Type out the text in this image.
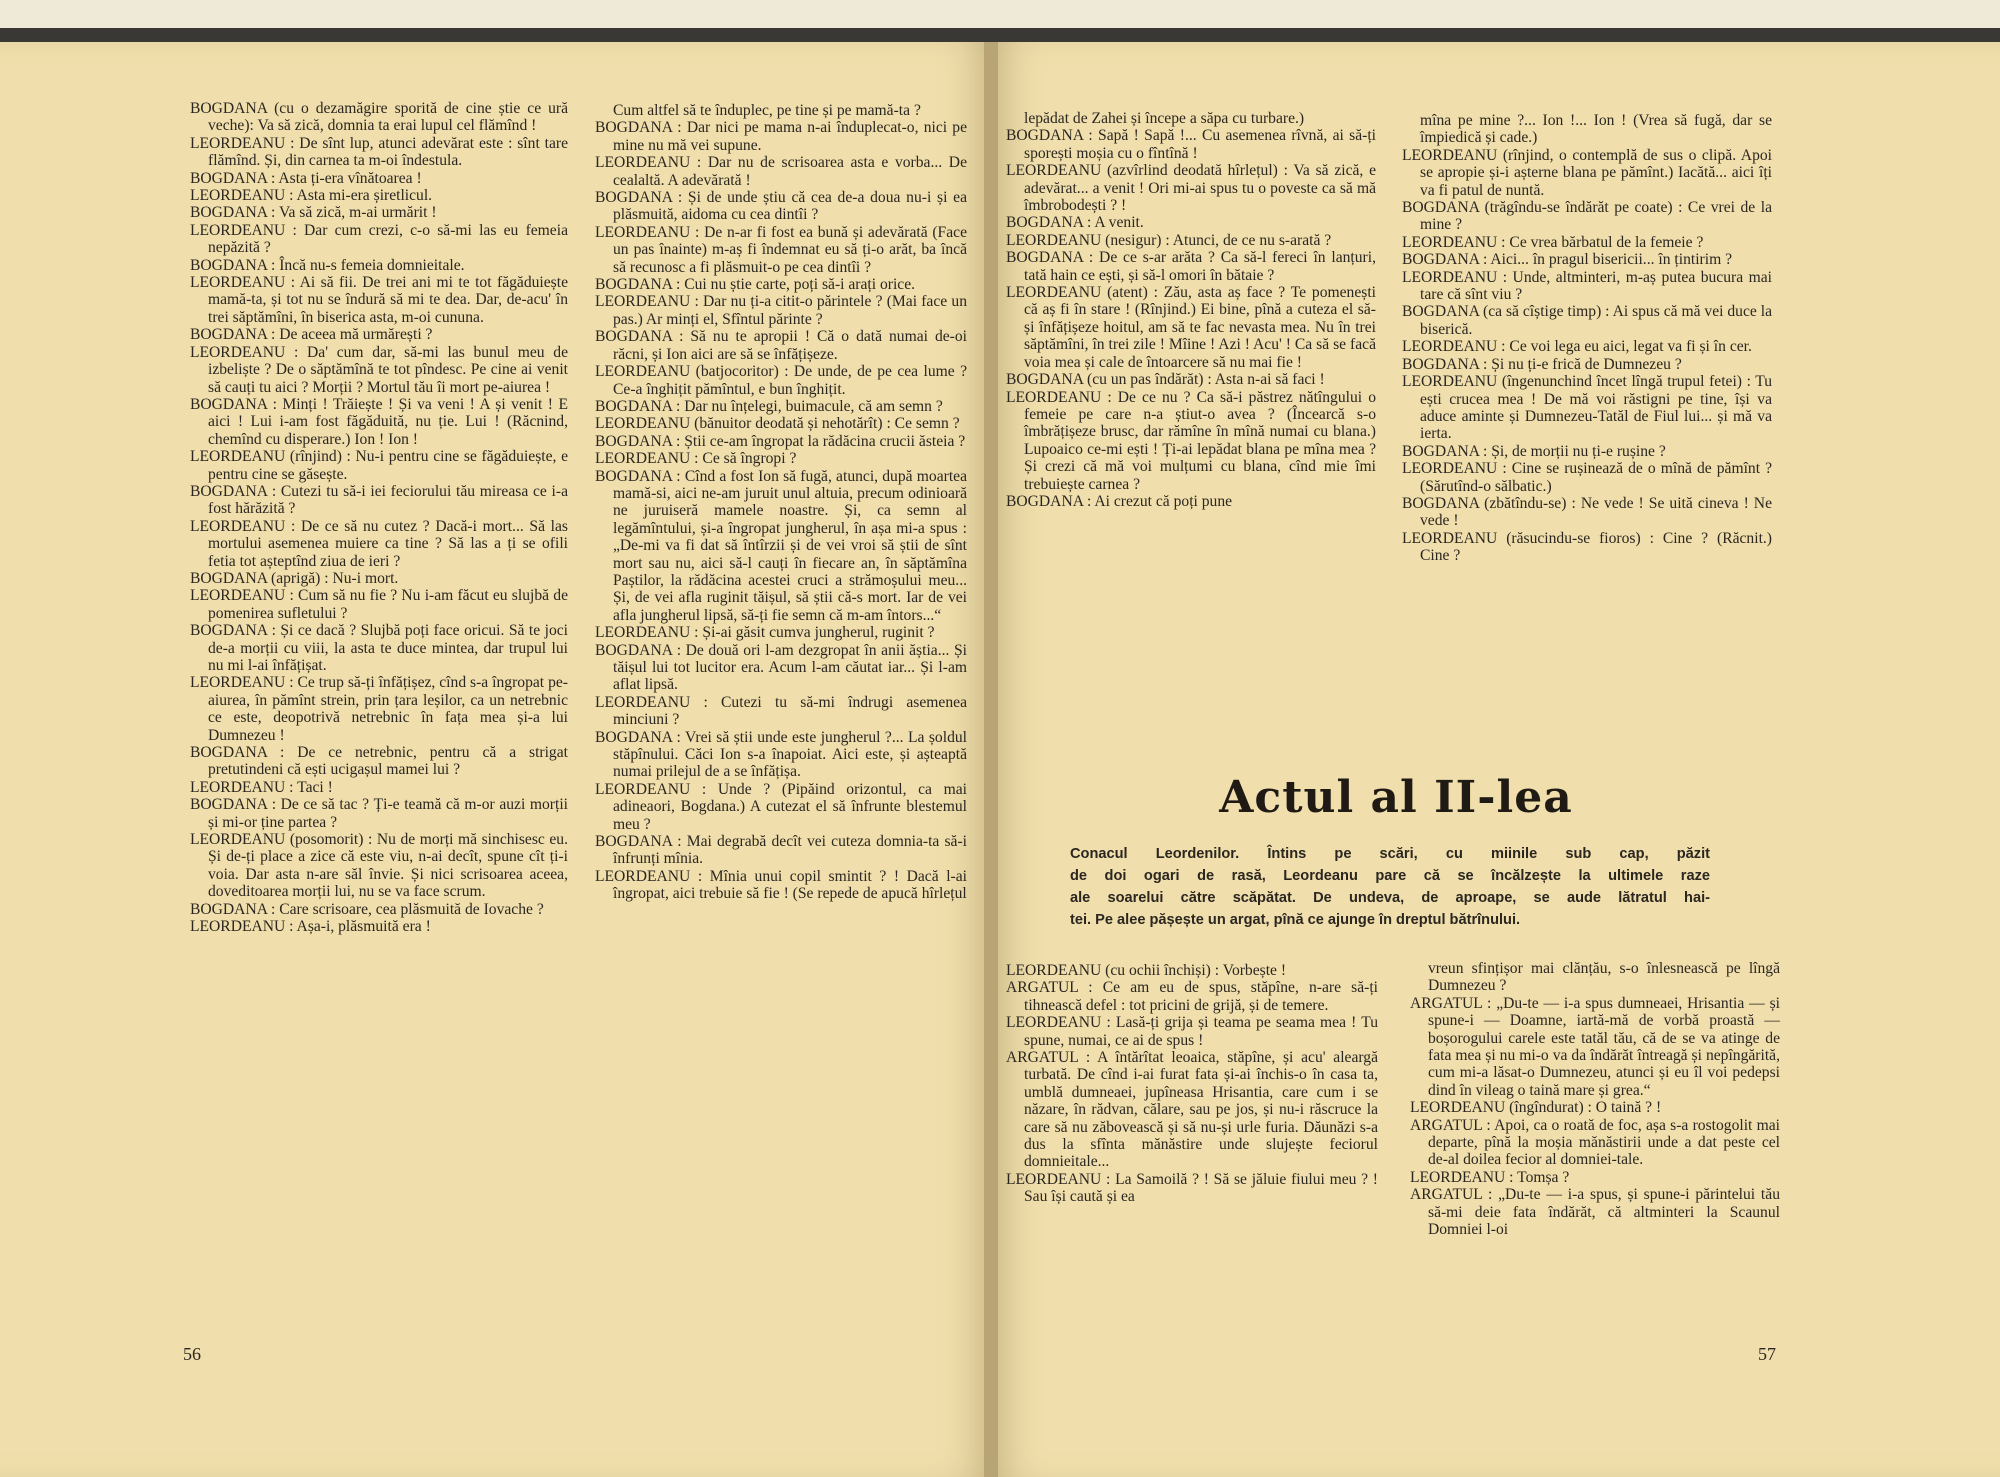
BOGDANA (cu o dezamăgire sporită de cine știe ce ură veche): Va să zică, domnia ta erai lupul cel flămînd !

LEORDEANU : De sînt lup, atunci adevărat este : sînt tare flămînd. Și, din carnea ta m-oi îndestula.

BOGDANA : Asta ți-era vînătoarea !

LEORDEANU : Asta mi-era șiretlicul.

BOGDANA : Va să zică, m-ai urmărit !

LEORDEANU : Dar cum crezi, c-o să-mi las eu femeia nepăzită ?

BOGDANA : Încă nu-s femeia domnieitale.

LEORDEANU : Ai să fii. De trei ani mi te tot făgăduiește mamă-ta, și tot nu se îndură să mi te dea. Dar, de-acu' în trei săptămîni, în biserica asta, m-oi cununa.

BOGDANA : De aceea mă urmărești ?

LEORDEANU : Da' cum dar, să-mi las bunul meu de izbeliște ? De o săptămînă te tot pîndesc. Pe cine ai venit să cauți tu aici ? Morții ? Mortul tău îi mort pe-aiurea !

BOGDANA : Minți ! Trăiește ! Și va veni ! A și venit ! E aici ! Lui i-am fost făgăduită, nu ție. Lui ! (Răcnind, chemînd cu disperare.) Ion ! Ion !

LEORDEANU (rînjind) : Nu-i pentru cine se făgăduiește, e pentru cine se găsește.

BOGDANA : Cutezi tu să-i iei feciorului tău mireasa ce i-a fost hărăzită ?

LEORDEANU : De ce să nu cutez ? Dacă-i mort... Să las mortului asemenea muiere ca tine ? Să las a ți se ofili fetia tot așteptînd ziua de ieri ?

BOGDANA (aprigă) : Nu-i mort.

LEORDEANU : Cum să nu fie ? Nu i-am făcut eu slujbă de pomenirea sufletului ?

BOGDANA : Și ce dacă ? Slujbă poți face oricui. Să te joci de-a morții cu viii, la asta te duce mintea, dar trupul lui nu mi l-ai înfățișat.

LEORDEANU : Ce trup să-ți înfățișez, cînd s-a îngropat pe-aiurea, în pămînt strein, prin țara leșilor, ca un netrebnic ce este, deopotrivă netrebnic în fața mea și-a lui Dumnezeu !

BOGDANA : De ce netrebnic, pentru că a strigat pretutindeni că ești ucigașul mamei lui ?

LEORDEANU : Taci !

BOGDANA : De ce să tac ? Ți-e teamă că m-or auzi morții și mi-or ține partea ?

LEORDEANU (posomorit) : Nu de morți mă sinchisesc eu. Și de-ți place a zice că este viu, n-ai decît, spune cît ți-i voia. Dar asta n-are săl învie. Și nici scrisoarea aceea, doveditoarea morții lui, nu se va face scrum.

BOGDANA : Care scrisoare, cea plăsmuită de Iovache ?

LEORDEANU : Așa-i, plăsmuită era !

Cum altfel să te înduplec, pe tine și pe mamă-ta ?

BOGDANA : Dar nici pe mama n-ai înduplecat-o, nici pe mine nu mă vei supune.

LEORDEANU : Dar nu de scrisoarea asta e vorba... De cealaltă. A adevărată !

BOGDANA : Și de unde știu că cea de-a doua nu-i și ea plăsmuită, aidoma cu cea dintîi ?

LEORDEANU : De n-ar fi fost ea bună și adevărată (Face un pas înainte) m-aș fi îndemnat eu să ți-o arăt, ba încă să recunosc a fi plăsmuit-o pe cea dintîi ?

BOGDANA : Cui nu știe carte, poți să-i arați orice.

LEORDEANU : Dar nu ți-a citit-o părintele ? (Mai face un pas.) Ar minți el, Sfîntul părinte ?

BOGDANA : Să nu te apropii ! Că o dată numai de-oi răcni, și Ion aici are să se înfățișeze.

LEORDEANU (batjocoritor) : De unde, de pe cea lume ? Ce-a înghițit pămîntul, e bun înghițit.

BOGDANA : Dar nu înțelegi, buimacule, că am semn ?

LEORDEANU (bănuitor deodată și nehotărît) : Ce semn ?

BOGDANA : Știi ce-am îngropat la rădăcina crucii ăsteia ?

LEORDEANU : Ce să îngropi ?

BOGDANA : Cînd a fost Ion să fugă, atunci, după moartea mamă-si, aici ne-am juruit unul altuia, precum odinioară ne juruiseră mamele noastre. Și, ca semn al legămîntului, și-a îngropat jungherul, în așa mi-a spus : „De-mi va fi dat să întîrzii și de vei vroi să știi de sînt mort sau nu, aici să-l cauți în fiecare an, în săptămîna Paștilor, la rădăcina acestei cruci a strămoșului meu... Și, de vei afla ruginit tăișul, să știi că-s mort. Iar de vei afla jungherul lipsă, să-ți fie semn că m-am întors...“

LEORDEANU : Și-ai găsit cumva jungherul, ruginit ?

BOGDANA : De două ori l-am dezgropat în anii ăștia... Și tăișul lui tot lucitor era. Acum l-am căutat iar... Și l-am aflat lipsă.

LEORDEANU : Cutezi tu să-mi îndrugi asemenea minciuni ?

BOGDANA : Vrei să știi unde este jungherul ?... La șoldul stăpînului. Căci Ion s-a înapoiat. Aici este, și așteaptă numai prilejul de a se înfățișa.

LEORDEANU : Unde ? (Pipăind orizontul, ca mai adineaori, Bogdana.) A cutezat el să înfrunte blestemul meu ?

BOGDANA : Mai degrabă decît vei cuteza domnia-ta să-i înfrunți mînia.

LEORDEANU : Mînia unui copil smintit ? ! Dacă l-ai îngropat, aici trebuie să fie ! (Se repede de apucă hîrlețul

56

lepădat de Zahei și începe a săpa cu turbare.)

BOGDANA : Sapă ! Sapă !... Cu asemenea rîvnă, ai să-ți sporești moșia cu o fîntînă !

LEORDEANU (azvîrlind deodată hîrlețul) : Va să zică, e adevărat... a venit ! Ori mi-ai spus tu o poveste ca să mă îmbrobodești ? !

BOGDANA : A venit.

LEORDEANU (nesigur) : Atunci, de ce nu s-arată ?

BOGDANA : De ce s-ar arăta ? Ca să-l fereci în lanțuri, tată hain ce ești, și să-l omori în bătaie ?

LEORDEANU (atent) : Zău, asta aș face ? Te pomenești că aș fi în stare ! (Rînjind.) Ei bine, pînă a cuteza el să-și înfățișeze hoitul, am să te fac nevasta mea. Nu în trei săptămîni, în trei zile ! Mîine ! Azi ! Acu' ! Ca să se facă voia mea și cale de întoarcere să nu mai fie !

BOGDANA (cu un pas îndărăt) : Asta n-ai să faci !

LEORDEANU : De ce nu ? Ca să-i păstrez nătîngului o femeie pe care n-a știut-o avea ? (Încearcă s-o îmbrățișeze brusc, dar rămîne în mînă numai cu blana.) Lupoaico ce-mi ești ! Ți-ai lepădat blana pe mîna mea ? Și crezi că mă voi mulțumi cu blana, cînd mie îmi trebuiește carnea ?

BOGDANA : Ai crezut că poți pune

mîna pe mine ?... Ion !... Ion ! (Vrea să fugă, dar se împiedică și cade.)

LEORDEANU (rînjind, o contemplă de sus o clipă. Apoi se apropie și-i așterne blana pe pămînt.) Iacătă... aici îți va fi patul de nuntă.

BOGDANA (trăgîndu-se îndărăt pe coate) : Ce vrei de la mine ?

LEORDEANU : Ce vrea bărbatul de la femeie ?

BOGDANA : Aici... în pragul bisericii... în țintirim ?

LEORDEANU : Unde, altminteri, m-aș putea bucura mai tare că sînt viu ?

BOGDANA (ca să cîștige timp) : Ai spus că mă vei duce la biserică.

LEORDEANU : Ce voi lega eu aici, legat va fi și în cer.

BOGDANA : Și nu ți-e frică de Dumnezeu ?

LEORDEANU (îngenunchind încet lîngă trupul fetei) : Tu ești crucea mea ! De mă voi răstigni pe tine, își va aduce aminte și Dumnezeu-Tatăl de Fiul lui... și mă va ierta.

BOGDANA : Și, de morții nu ți-e rușine ?

LEORDEANU : Cine se rușinează de o mînă de pămînt ? (Sărutînd-o sălbatic.)

BOGDANA (zbătîndu-se) : Ne vede ! Se uită cineva ! Ne vede !

LEORDEANU (răsucindu-se fioros) : Cine ? (Răcnit.) Cine ?

Actul al II-lea
Conacul Leordenilor. Întins pe scări, cu miinile sub cap, păzit
de doi ogari de rasă, Leordeanu pare că se încălzește la ultimele raze
ale soarelui către scăpătat. De undeva, de aproape, se aude lătratul hai-
tei. Pe alee pășește un argat, pînă ce ajunge în dreptul bătrînului.

LEORDEANU (cu ochii închiși) : Vorbește !

ARGATUL : Ce am eu de spus, stăpîne, n-are să-ți tihnească defel : tot pricini de grijă, și de temere.

LEORDEANU : Lasă-ți grija și teama pe seama mea ! Tu spune, numai, ce ai de spus !

ARGATUL : A întărîtat leoaica, stăpîne, și acu' aleargă turbată. De cînd i-ai furat fata și-ai închis-o în casa ta, umblă dumneaei, jupîneasa Hrisantia, care cum i se năzare, în rădvan, călare, sau pe jos, și nu-i răscruce la care să nu zăbovească și să nu-și urle furia. Dăunăzi s-a dus la sfînta mănăstire unde slujește feciorul domnieitale...

LEORDEANU : La Samoilă ? ! Să se jăluie fiului meu ? ! Sau își caută și ea

vreun sfințișor mai clănțău, s-o înlesnească pe lîngă Dumnezeu ?

ARGATUL : „Du-te — i-a spus dumneaei, Hrisantia — și spune-i — Doamne, iartă-mă de vorbă proastă — boșorogului carele este tatăl tău, că de se va atinge de fata mea și nu mi-o va da îndărăt întreagă și nepîngărită, cum mi-a lăsat-o Dumnezeu, atunci și eu îl voi pedepsi dind în vileag o taină mare și grea.“

LEORDEANU (îngîndurat) : O taină ? !

ARGATUL : Apoi, ca o roată de foc, așa s-a rostogolit mai departe, pînă la moșia mănăstirii unde a dat peste cel de-al doilea fecior al domniei-tale.

LEORDEANU : Tomșa ?

ARGATUL : „Du-te — i-a spus, și spune-i părintelui tău să-mi deie fata îndărăt, că altminteri la Scaunul Domniei l-oi

57
